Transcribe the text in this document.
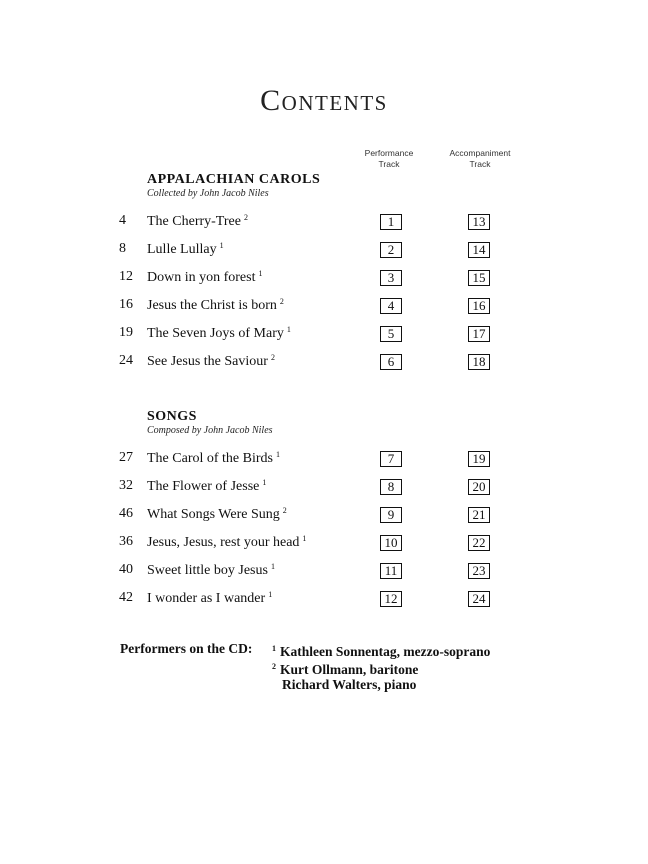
Contents
Performance
Track
Accompaniment
Track
APPALACHIAN CAROLS
Collected by John Jacob Niles
4 The Cherry-Tree $^2$	1	13
8 Lulle Lullay $^1$	2	14
12 Down in yon forest $^1$	3	15
16 Jesus the Christ is born $^2$	4	16
19 The Seven Joys of Mary $^1$	5	17
24 See Jesus the Saviour $^2$	6	18
SONGS
Composed by John Jacob Niles
27 The Carol of the Birds $^1$	7	19
32 The Flower of Jesse $^1$	8	20
46 What Songs Were Sung $^2$	9	21
36 Jesus, Jesus, rest your head $^1$	10	22
40 Sweet little boy Jesus $^1$	11	23
42 I wonder as I wander $^1$	12	24
Performers on the CD: $^1$ Kathleen Sonnentag, mezzo-soprano
$^2$ Kurt Ollmann, baritone
Richard Walters, piano
